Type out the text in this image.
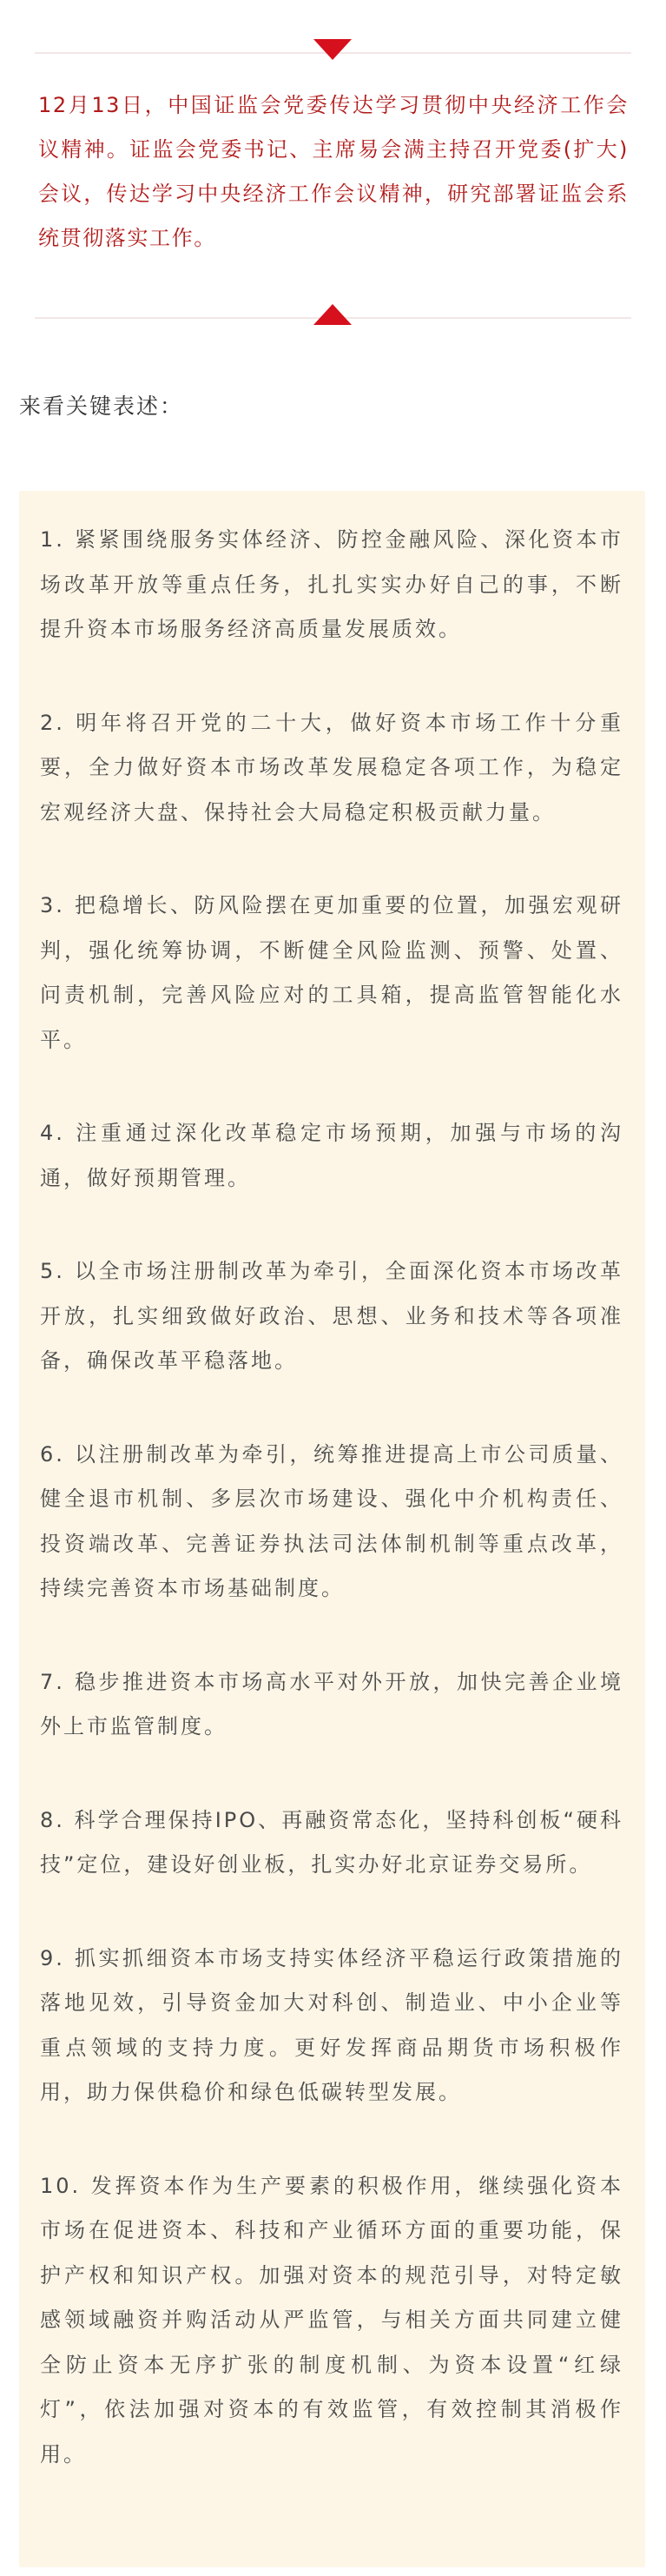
12月13日，中国证监会党委传达学习贯彻中央经济工作会议精神。证监会党委书记、主席易会满主持召开党委(扩大)会议，传达学习中央经济工作会议精神，研究部署证监会系统贯彻落实工作。

来看关键表述：

1. 紧紧围绕服务实体经济、防控金融风险、深化资本市场改革开放等重点任务，扎扎实实办好自己的事，不断提升资本市场服务经济高质量发展质效。

2. 明年将召开党的二十大，做好资本市场工作十分重要，全力做好资本市场改革发展稳定各项工作，为稳定宏观经济大盘、保持社会大局稳定积极贡献力量。

3. 把稳增长、防风险摆在更加重要的位置，加强宏观研判，强化统筹协调，不断健全风险监测、预警、处置、问责机制，完善风险应对的工具箱，提高监管智能化水平。

4. 注重通过深化改革稳定市场预期，加强与市场的沟通，做好预期管理。

5. 以全市场注册制改革为牵引，全面深化资本市场改革开放，扎实细致做好政治、思想、业务和技术等各项准备，确保改革平稳落地。

6. 以注册制改革为牵引，统筹推进提高上市公司质量、健全退市机制、多层次市场建设、强化中介机构责任、投资端改革、完善证券执法司法体制机制等重点改革，持续完善资本市场基础制度。

7. 稳步推进资本市场高水平对外开放，加快完善企业境外上市监管制度。

8. 科学合理保持IPO、再融资常态化，坚持科创板“硬科技”定位，建设好创业板，扎实办好北京证券交易所。

9. 抓实抓细资本市场支持实体经济平稳运行政策措施的落地见效，引导资金加大对科创、制造业、中小企业等重点领域的支持力度。更好发挥商品期货市场积极作用，助力保供稳价和绿色低碳转型发展。

10. 发挥资本作为生产要素的积极作用，继续强化资本市场在促进资本、科技和产业循环方面的重要功能，保护产权和知识产权。加强对资本的规范引导，对特定敏感领域融资并购活动从严监管，与相关方面共同建立健全防止资本无序扩张的制度机制、为资本设置“红绿灯”，依法加强对资本的有效监管，有效控制其消极作用。
